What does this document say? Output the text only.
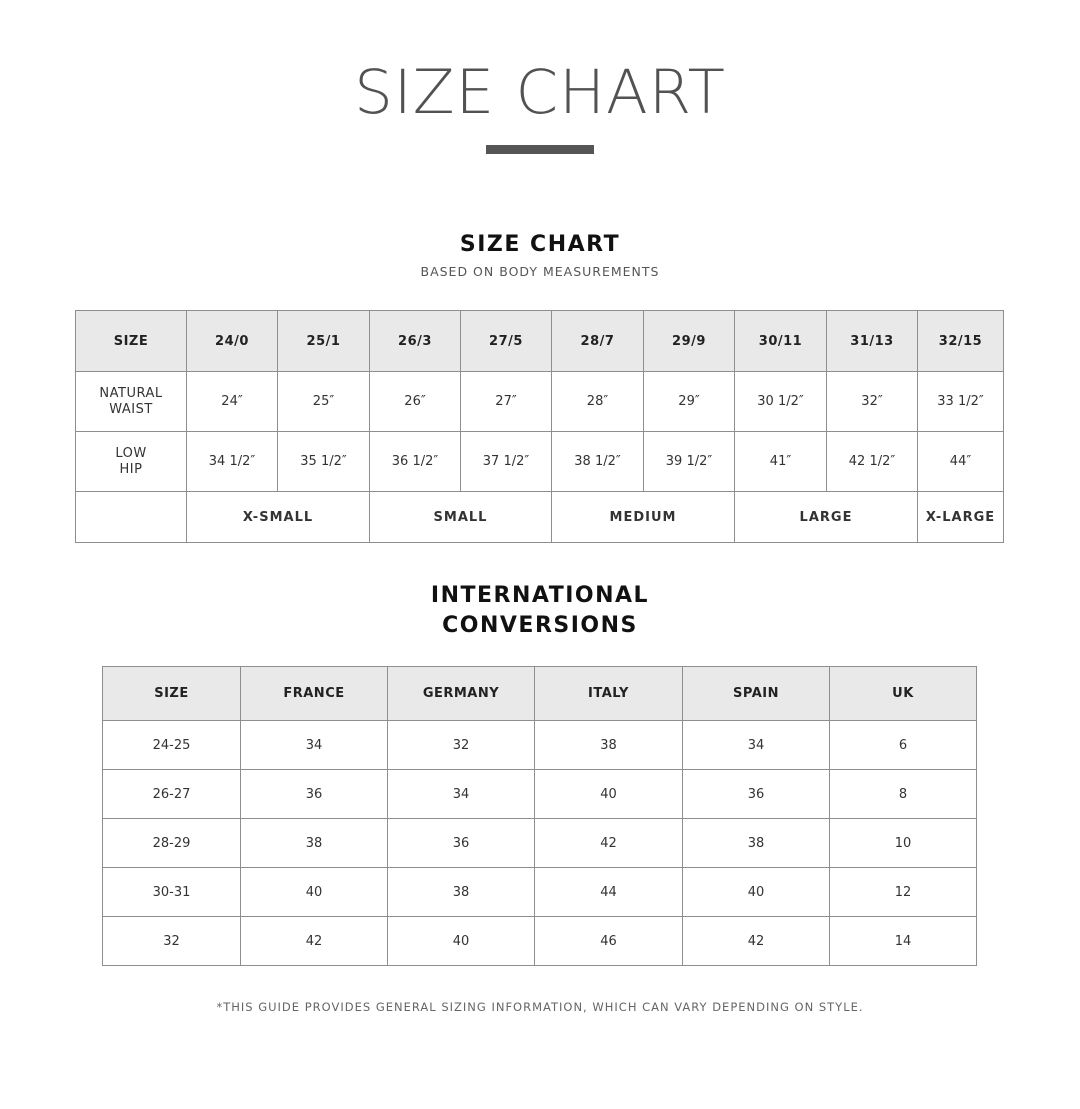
SIZE CHART
SIZE CHART
BASED ON BODY MEASUREMENTS
SIZE	24/0	25/1	26/3	27/5	28/7	29/9	30/11	31/13	32/15
NATURAL
WAIST	24″	25″	26″	27″	28″	29″	30 1/2″	32″	33 1/2″
LOW
HIP	34 1/2″	35 1/2″	36 1/2″	37 1/2″	38 1/2″	39 1/2″	41″	42 1/2″	44″
	X-SMALL		SMALL		MEDIUM		LARGE		X-LARGE
INTERNATIONAL
CONVERSIONS
SIZE	FRANCE	GERMANY	ITALY	SPAIN	UK
24-25	34	32	38	34	6
26-27	36	34	40	36	8
28-29	38	36	42	38	10
30-31	40	38	44	40	12
32	42	40	46	42	14
*THIS GUIDE PROVIDES GENERAL SIZING INFORMATION, WHICH CAN VARY DEPENDING ON STYLE.
